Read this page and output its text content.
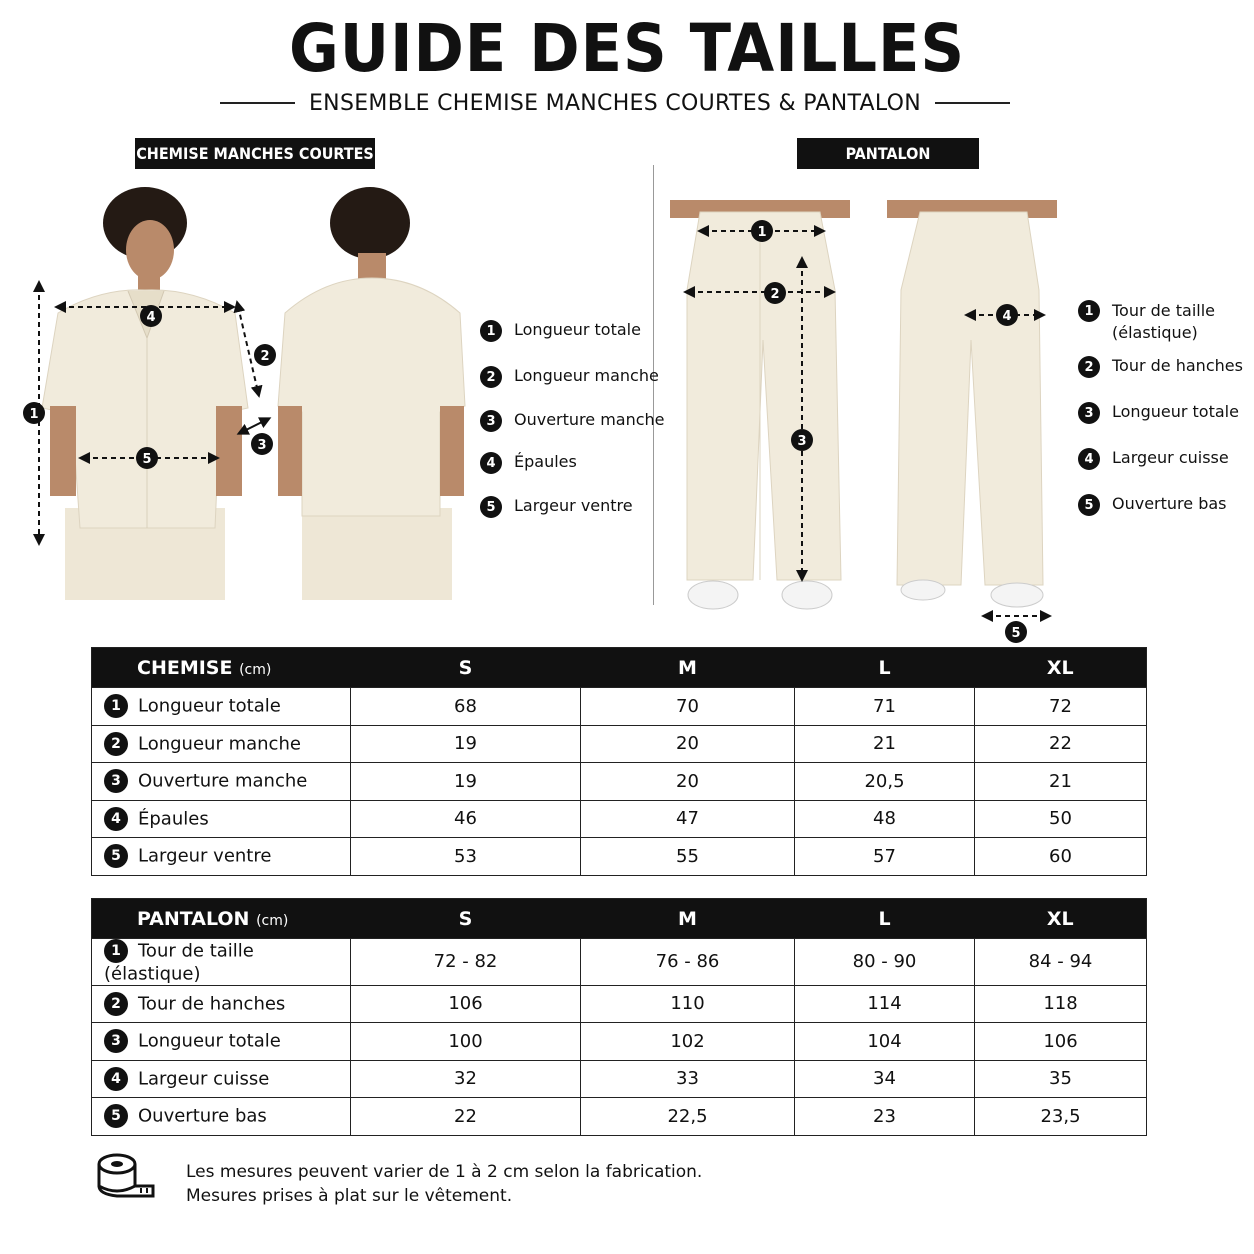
GUIDE DES TAILLES
ENSEMBLE CHEMISE MANCHES COURTES & PANTALON
CHEMISE MANCHES COURTES	PANTALON
1
2
3
4
5
1	Longueur totale
2	Longueur manche
3	Ouverture manche
4	Épaules
5	Largeur ventre
1
2
3
4
5
1	Tour de taille
(élastique)
2	Tour de hanches
3	Longueur totale
4	Largeur cuisse
5	Ouverture bas
CHEMISE (cm)	S	M	L	XL
1 Longueur totale	68	70	71	72
2 Longueur manche	19	20	21	22
3 Ouverture manche	19	20	20,5	21
4 Épaules	46	47	48	50
5 Largeur ventre	53	55	57	60
PANTALON (cm)	S	M	L	XL
1 Tour de taille (élastique)	72 - 82	76 - 86	80 - 90	84 - 94
2 Tour de hanches	106	110	114	118
3 Longueur totale	100	102	104	106
4 Largeur cuisse	32	33	34	35
5 Ouverture bas	22	22,5	23	23,5
Les mesures peuvent varier de 1 à 2 cm selon la fabrication.
Mesures prises à plat sur le vêtement.
